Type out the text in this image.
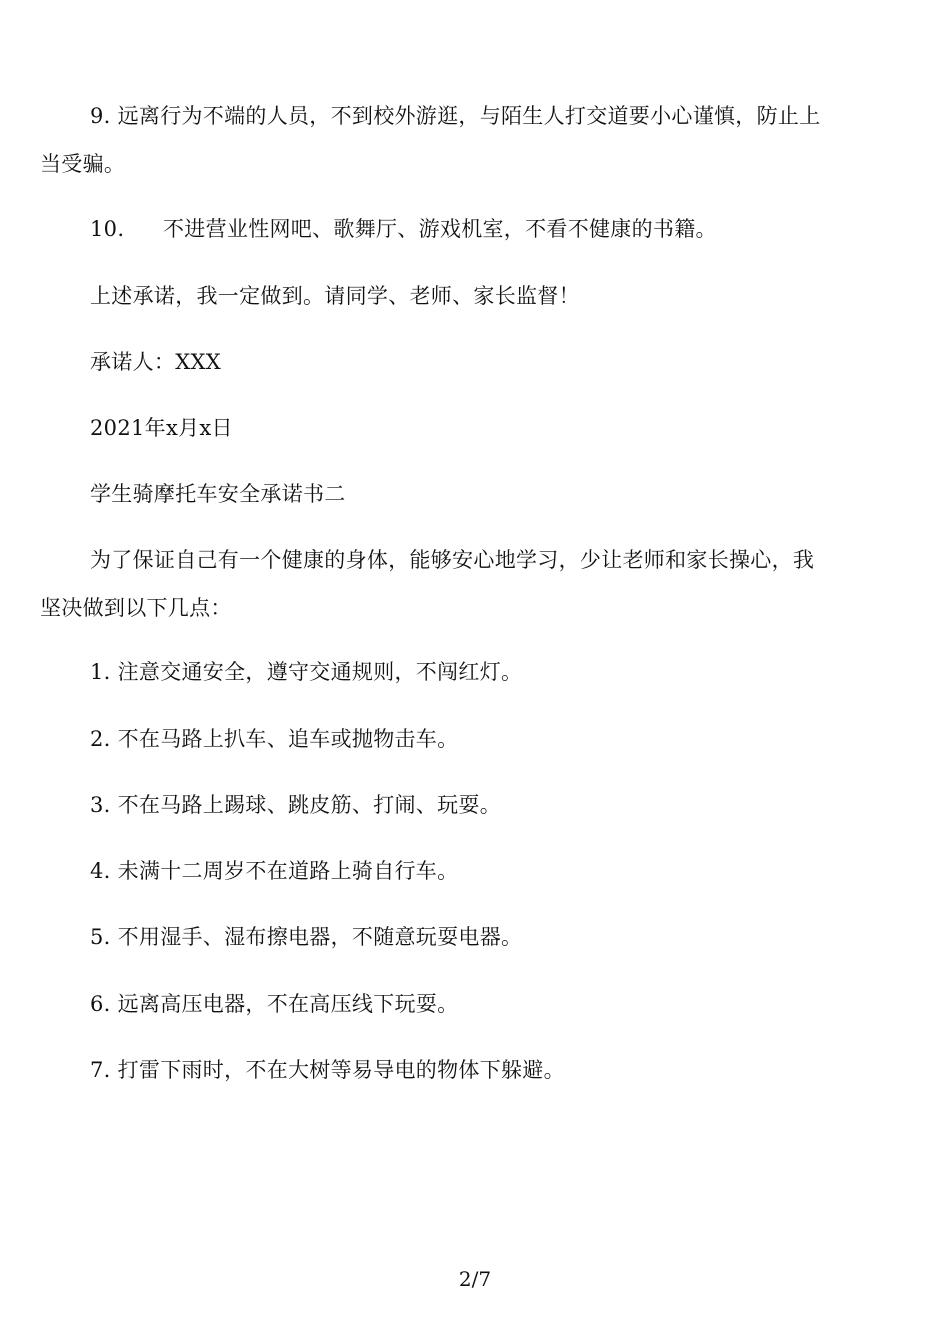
9. 远离行为不端的人员，不到校外游逛，与陌生人打交道要小心谨慎，防止上
当受骗。
10. 不进营业性网吧、歌舞厅、游戏机室，不看不健康的书籍。
上述承诺，我一定做到。请同学、老师、家长监督！
承诺人：XXX
2021年x月x日
学生骑摩托车安全承诺书二
为了保证自己有一个健康的身体，能够安心地学习，少让老师和家长操心，我
坚决做到以下几点：
1. 注意交通安全，遵守交通规则，不闯红灯。
2. 不在马路上扒车、追车或抛物击车。
3. 不在马路上踢球、跳皮筋、打闹、玩耍。
4. 未满十二周岁不在道路上骑自行车。
5. 不用湿手、湿布擦电器，不随意玩耍电器。
6. 远离高压电器，不在高压线下玩耍。
7. 打雷下雨时，不在大树等易导电的物体下躲避。
2/7
